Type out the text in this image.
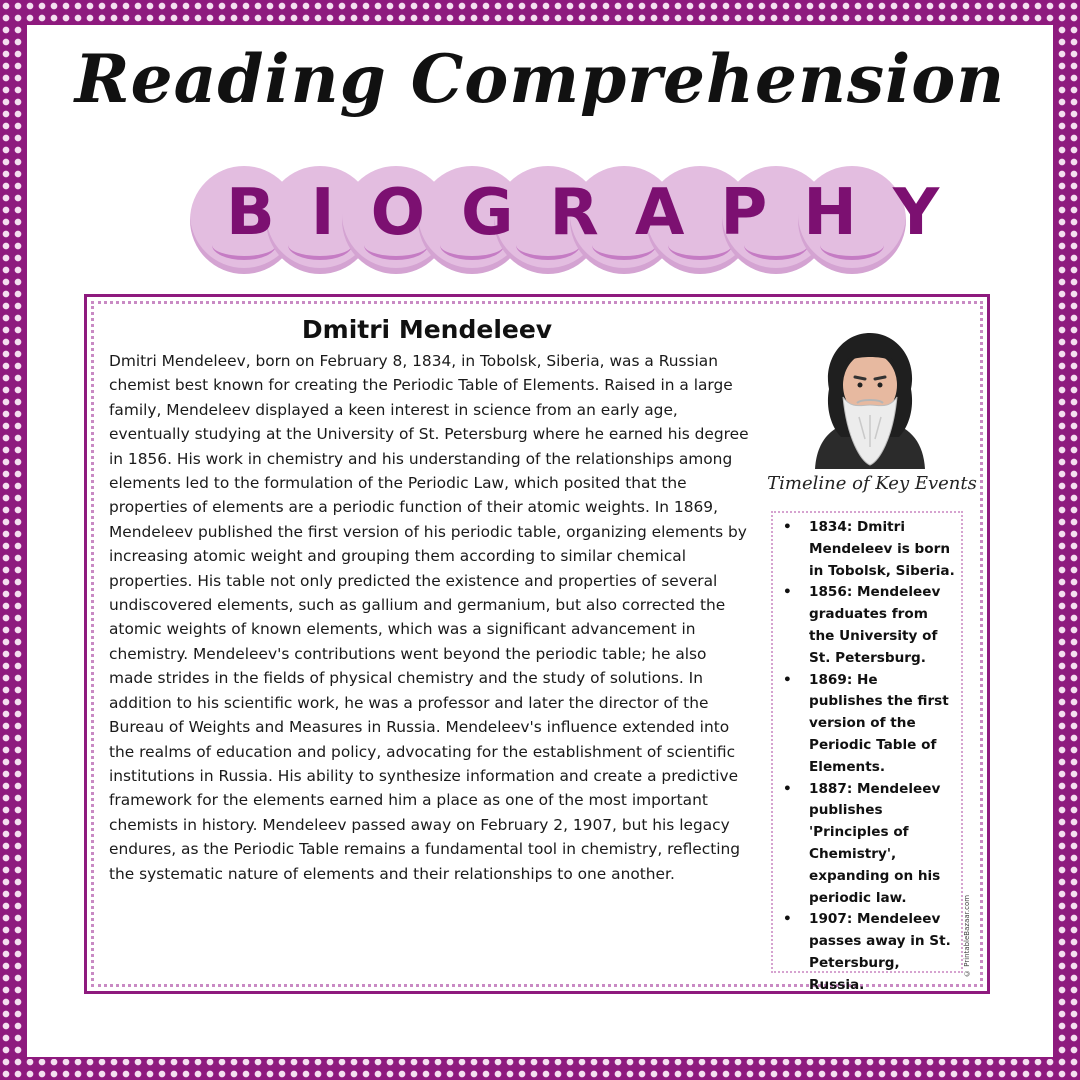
Reading Comprehension
BIOGRAPHY
Dmitri Mendeleev

Dmitri Mendeleev, born on February 8, 1834, in Tobolsk, Siberia, was a Russian chemist best known for creating the Periodic Table of Elements. Raised in a large family, Mendeleev displayed a keen interest in science from an early age, eventually studying at the University of St. Petersburg where he earned his degree in 1856. His work in chemistry and his understanding of the relationships among elements led to the formulation of the Periodic Law, which posited that the properties of elements are a periodic function of their atomic weights. In 1869, Mendeleev published the first version of his periodic table, organizing elements by increasing atomic weight and grouping them according to similar chemical properties. His table not only predicted the existence and properties of several undiscovered elements, such as gallium and germanium, but also corrected the atomic weights of known elements, which was a significant advancement in chemistry. Mendeleev's contributions went beyond the periodic table; he also made strides in the fields of physical chemistry and the study of solutions. In addition to his scientific work, he was a professor and later the director of the Bureau of Weights and Measures in Russia. Mendeleev's influence extended into the realms of education and policy, advocating for the establishment of scientific institutions in Russia. His ability to synthesize information and create a predictive framework for the elements earned him a place as one of the most important chemists in history. Mendeleev passed away on February 2, 1907, but his legacy endures, as the Periodic Table remains a fundamental tool in chemistry, reflecting the systematic nature of elements and their relationships to one another.

Timeline of Key Events
• 1834: Dmitri Mendeleev is born in Tobolsk, Siberia.
• 1856: Mendeleev graduates from the University of St. Petersburg.
• 1869: He publishes the first version of the Periodic Table of Elements.
• 1887: Mendeleev publishes 'Principles of Chemistry', expanding on his periodic law.
• 1907: Mendeleev passes away in St. Petersburg, Russia.
© PrintableBazaar.com
